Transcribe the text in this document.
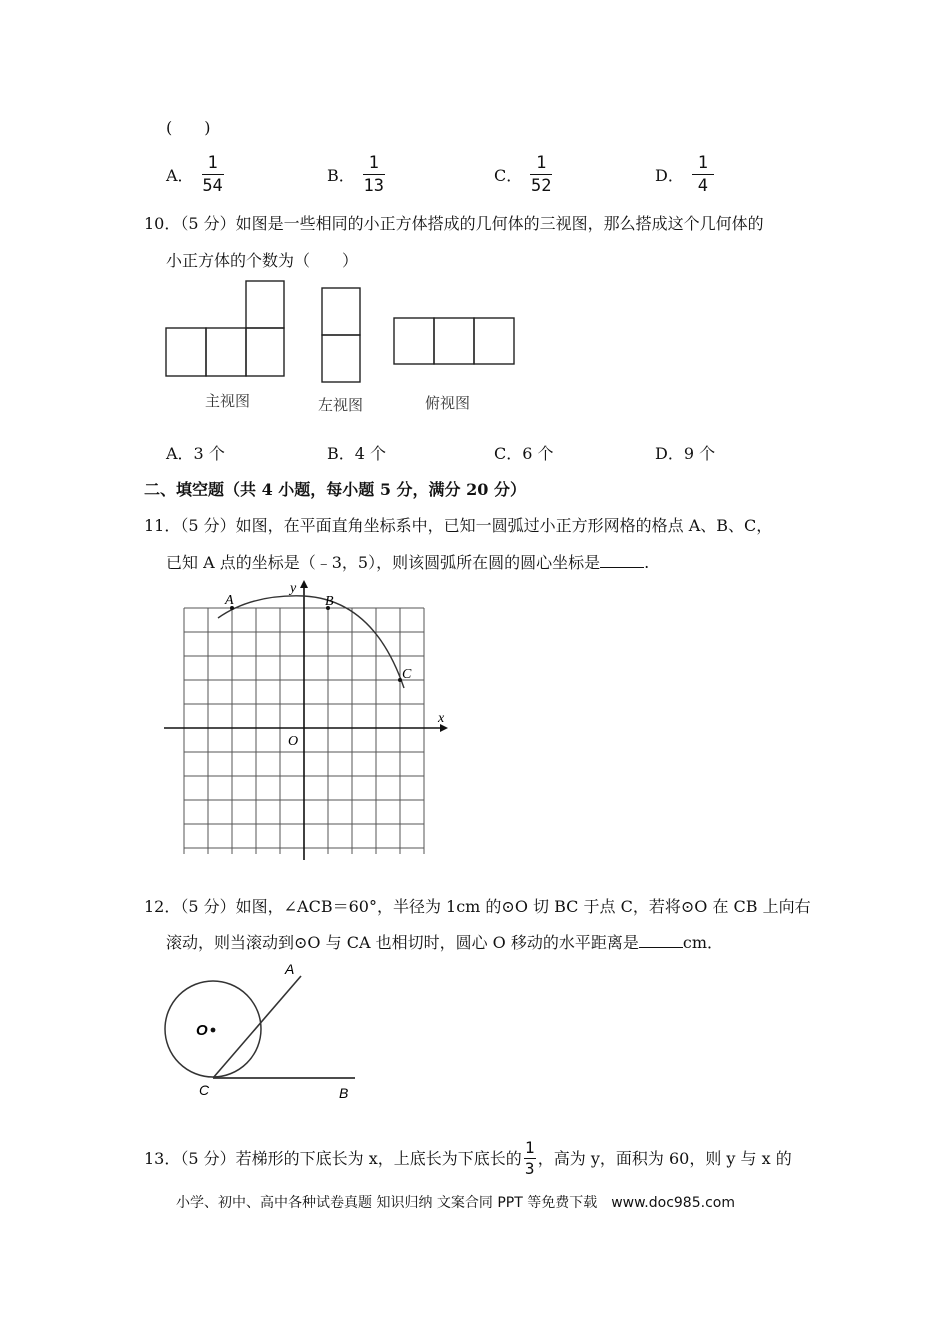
(　　)
A． $\frac{1}{54}$	B． $\frac{1}{13}$	C． $\frac{1}{52}$	D． $\frac{1}{4}$
10．（5 分）如图是一些相同的小正方体搭成的几何体的三视图，那么搭成这个几何体的
小正方体的个数为（　　）
主视图	左视图	俯视图
A．3 个	B．4 个	C．6 个	D．9 个
二、填空题（共 4 小题，每小题 5 分，满分 20 分）
11．（5 分）如图，在平面直角坐标系中，已知一圆弧过小正方形网格的格点 A、B、C，
已知 A 点的坐标是（﹣3，5），则该圆弧所在圆的圆心坐标是	.
A	B
C
O
x
y
12．（5 分）如图，∠ACB＝60°，半径为 1cm 的⊙O 切 BC 于点 C，若将⊙O 在 CB 上向右
滚动，则当滚动到⊙O 与 CA 也相切时，圆心 O 移动的水平距离是	cm．
O
C	B
A
13．（5 分）若梯形的下底长为 x，上底长为下底长的 $\frac{1}{3}$ ，高为 y，面积为 60，则 y 与 x 的
小学、初中、高中各种试卷真题 知识归纳 文案合同 PPT 等免费下载　www.doc985.com
